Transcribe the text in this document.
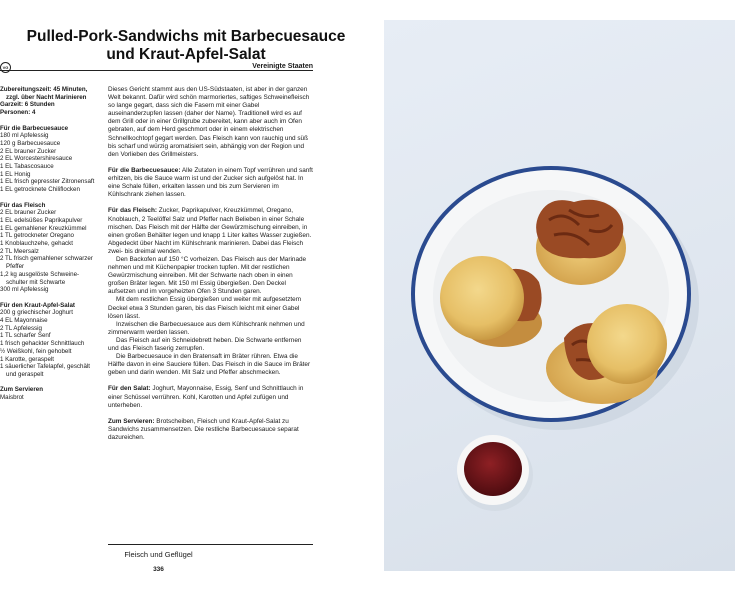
Pulled-Pork-Sandwichs mit Barbecuesauce
und Kraut-Apfel-Salat
VG	Vereinigte Staaten
Zubereitungszeit: 45 Minuten,
zzgl. über Nacht Marinieren
Garzeit: 6 Stunden
Personen: 4
Für die Barbecuesauce
180 ml Apfelessig
120 g Barbecuesauce
2 EL brauner Zucker
2 EL Worcestershiresauce
1 EL Tabascosauce
1 EL Honig
1 EL frisch gepresster Zitronensaft
1 EL getrocknete Chiliflocken
Für das Fleisch
2 EL brauner Zucker
1 EL edelsüßes Paprikapulver
1 EL gemahlener Kreuzkümmel
1 TL getrockneter Oregano
1 Knoblauchzehe, gehackt
2 TL Meersalz
2 TL frisch gemahlener schwarzer
Pfeffer
1,2 kg ausgelöste Schweine-
schulter mit Schwarte
300 ml Apfelessig
Für den Kraut-Apfel-Salat
200 g griechischer Joghurt
4 EL Mayonnaise
2 TL Apfelessig
1 TL scharfer Senf
1 frisch gehackter Schnittlauch
½ Weißkohl, fein gehobelt
1 Karotte, geraspelt
1 säuerlicher Tafelapfel, geschält
und geraspelt
Zum Servieren
Maisbrot

Dieses Gericht stammt aus den US-Südstaaten, ist aber in der ganzen Welt bekannt. Dafür wird schön marmoriertes, saftiges Schweinefleisch so lange gegart, dass sich die Fasern mit einer Gabel auseinanderzupfen lassen (daher der Name). Traditionell wird es auf dem Grill oder in einer Grillgrube zubereitet, kann aber auch im Ofen gebraten, auf dem Herd geschmort oder in einem elektrischen Schnellkochtopf gegart werden. Das Fleisch kann von rauchig und süß bis scharf und würzig aromatisiert sein, abhängig von der Region und den Vorlieben des Grillmeisters.

Für die Barbecuesauce: Alle Zutaten in einem Topf verrühren und sanft erhitzen, bis die Sauce warm ist und der Zucker sich aufgelöst hat. In eine Schale füllen, erkalten lassen und bis zum Servieren im Kühlschrank ziehen lassen.

Für das Fleisch: Zucker, Paprikapulver, Kreuzkümmel, Oregano, Knoblauch, 2 Teelöffel Salz und Pfeffer nach Belieben in einer Schale mischen. Das Fleisch mit der Hälfte der Gewürzmischung einreiben, in einen großen Behälter legen und knapp 1 Liter kaltes Wasser zugießen. Abgedeckt über Nacht im Kühlschrank marinieren. Dabei das Fleisch zwei- bis dreimal wenden.
Den Backofen auf 150 °C vorheizen. Das Fleisch aus der Marinade nehmen und mit Küchenpapier trocken tupfen. Mit der restlichen Gewürzmischung einreiben. Mit der Schwarte nach oben in einen großen Bräter legen. Mit 150 ml Essig übergießen. Den Deckel aufsetzen und im vorgeheizten Ofen 3 Stunden garen.
Mit dem restlichen Essig übergießen und weiter mit aufgesetztem Deckel etwa 3 Stunden garen, bis das Fleisch leicht mit einer Gabel lösen lässt.
Inzwischen die Barbecuesauce aus dem Kühlschrank nehmen und zimmerwarm werden lassen.
Das Fleisch auf ein Schneidebrett heben. Die Schwarte entfernen und das Fleisch faserig zerrupfen.
Die Barbecuesauce in den Bratensaft im Bräter rühren. Etwa die Hälfte davon in eine Sauciere füllen. Das Fleisch in die Sauce im Bräter geben und darin wenden. Mit Salz und Pfeffer abschmecken.

Für den Salat: Joghurt, Mayonnaise, Essig, Senf und Schnittlauch in einer Schüssel verrühren. Kohl, Karotten und Apfel zufügen und unterheben.

Zum Servieren: Brotscheiben, Fleisch und Kraut-Apfel-Salat zu Sandwichs zusammensetzen. Die restliche Barbecuesauce separat dazureichen.

Fleisch und Geflügel
336
